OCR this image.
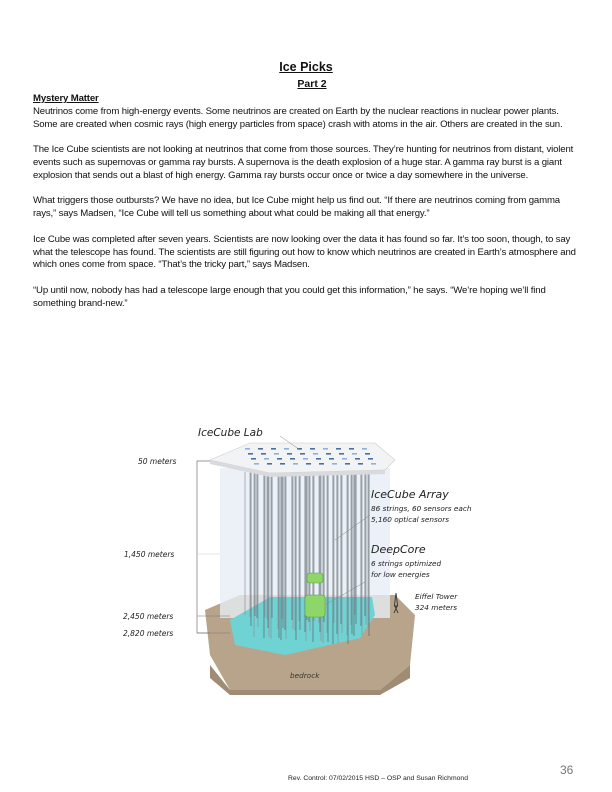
Ice Picks
Part 2
Mystery Matter

Neutrinos come from high-energy events. Some neutrinos are created on Earth by the nuclear reactions in nuclear power plants. Some are created when cosmic rays (high energy particles from space) crash with atoms in the air. Others are created in the sun.

The Ice Cube scientists are not looking at neutrinos that come from those sources. They’re hunting for neutrinos from distant, violent events such as supernovas or gamma ray bursts. A supernova is the death explosion of a huge star. A gamma ray burst is a giant explosion that sends out a blast of high energy. Gamma ray bursts occur once or twice a day somewhere in the universe.

What triggers those outbursts? We have no idea, but Ice Cube might help us find out. “If there are neutrinos coming from gamma rays,” says Madsen, “Ice Cube will tell us something about what could be making all that energy.”

Ice Cube was completed after seven years. Scientists are now looking over the data it has found so far. It’s too soon, though, to say what the telescope has found. The scientists are still figuring out how to know which neutrinos are created in Earth’s atmosphere and which ones come from space. “That’s the tricky part,” says Madsen.

“Up until now, nobody has had a telescope large enough that you could get this information,” he says. “We’re hoping we’ll find something brand-new.”

IceCube Lab
50 meters
1,450 meters
2,450 meters
2,820 meters
IceCube Array
86 strings, 60 sensors each
5,160 optical sensors
DeepCore
6 strings optimized
for low energies
Eiffel Tower
324 meters
bedrock
36
Rev. Control: 07/02/2015 HSD – OSP and Susan Richmond
